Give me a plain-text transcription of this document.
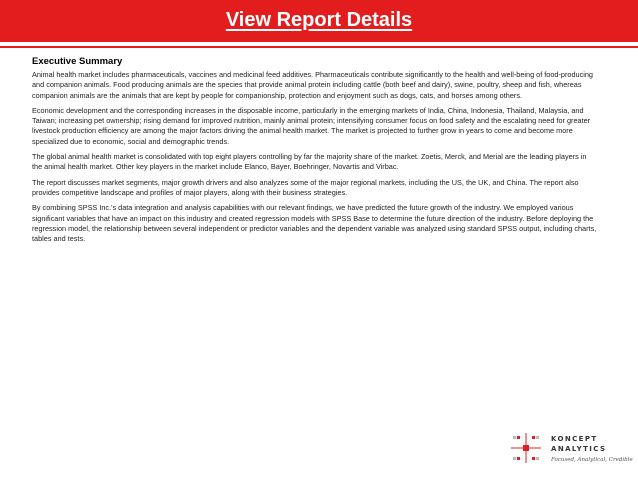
View Report Details
Executive Summary

Animal health market includes pharmaceuticals, vaccines and medicinal feed additives. Pharmaceuticals contribute significantly to the health and well-being of food-producing and companion animals. Food producing animals are the species that provide animal protein including cattle (both beef and dairy), swine, poultry, sheep and fish, whereas companion animals are the animals that are kept by people for companionship, protection and enjoyment such as dogs, cats, and horses among others.

Economic development and the corresponding increases in the disposable income, particularly in the emerging markets of India, China, Indonesia, Thailand, Malaysia, and Taiwan; increasing pet ownership; rising demand for improved nutrition, mainly animal protein; intensifying consumer focus on food safety and the escalating need for greater livestock production efficiency are among the major factors driving the animal health market. The market is projected to further grow in years to come and become more specialized due to economic, social and demographic trends.

The global animal health market is consolidated with top eight players controlling by far the majority share of the market. Zoetis, Merck, and Merial are the leading players in the animal health market. Other key players in the market include Elanco, Bayer, Boehringer, Novartis and Virbac.

The report discusses market segments, major growth drivers and also analyzes some of the major regional markets, including the US, the UK, and China. The report also provides competitive landscape and profiles of major players, along with their business strategies.

By combining SPSS Inc.'s data integration and analysis capabilities with our relevant findings, we have predicted the future growth of the industry. We employed various significant variables that have an impact on this industry and created regression models with SPSS Base to determine the future direction of the industry. Before deploying the regression model, the relationship between several independent or predictor variables and the dependent variable was analyzed using standard SPSS output, including charts, tables and tests.

KONCEPT
ANALYTICS
Focused, Analytical, Credible
